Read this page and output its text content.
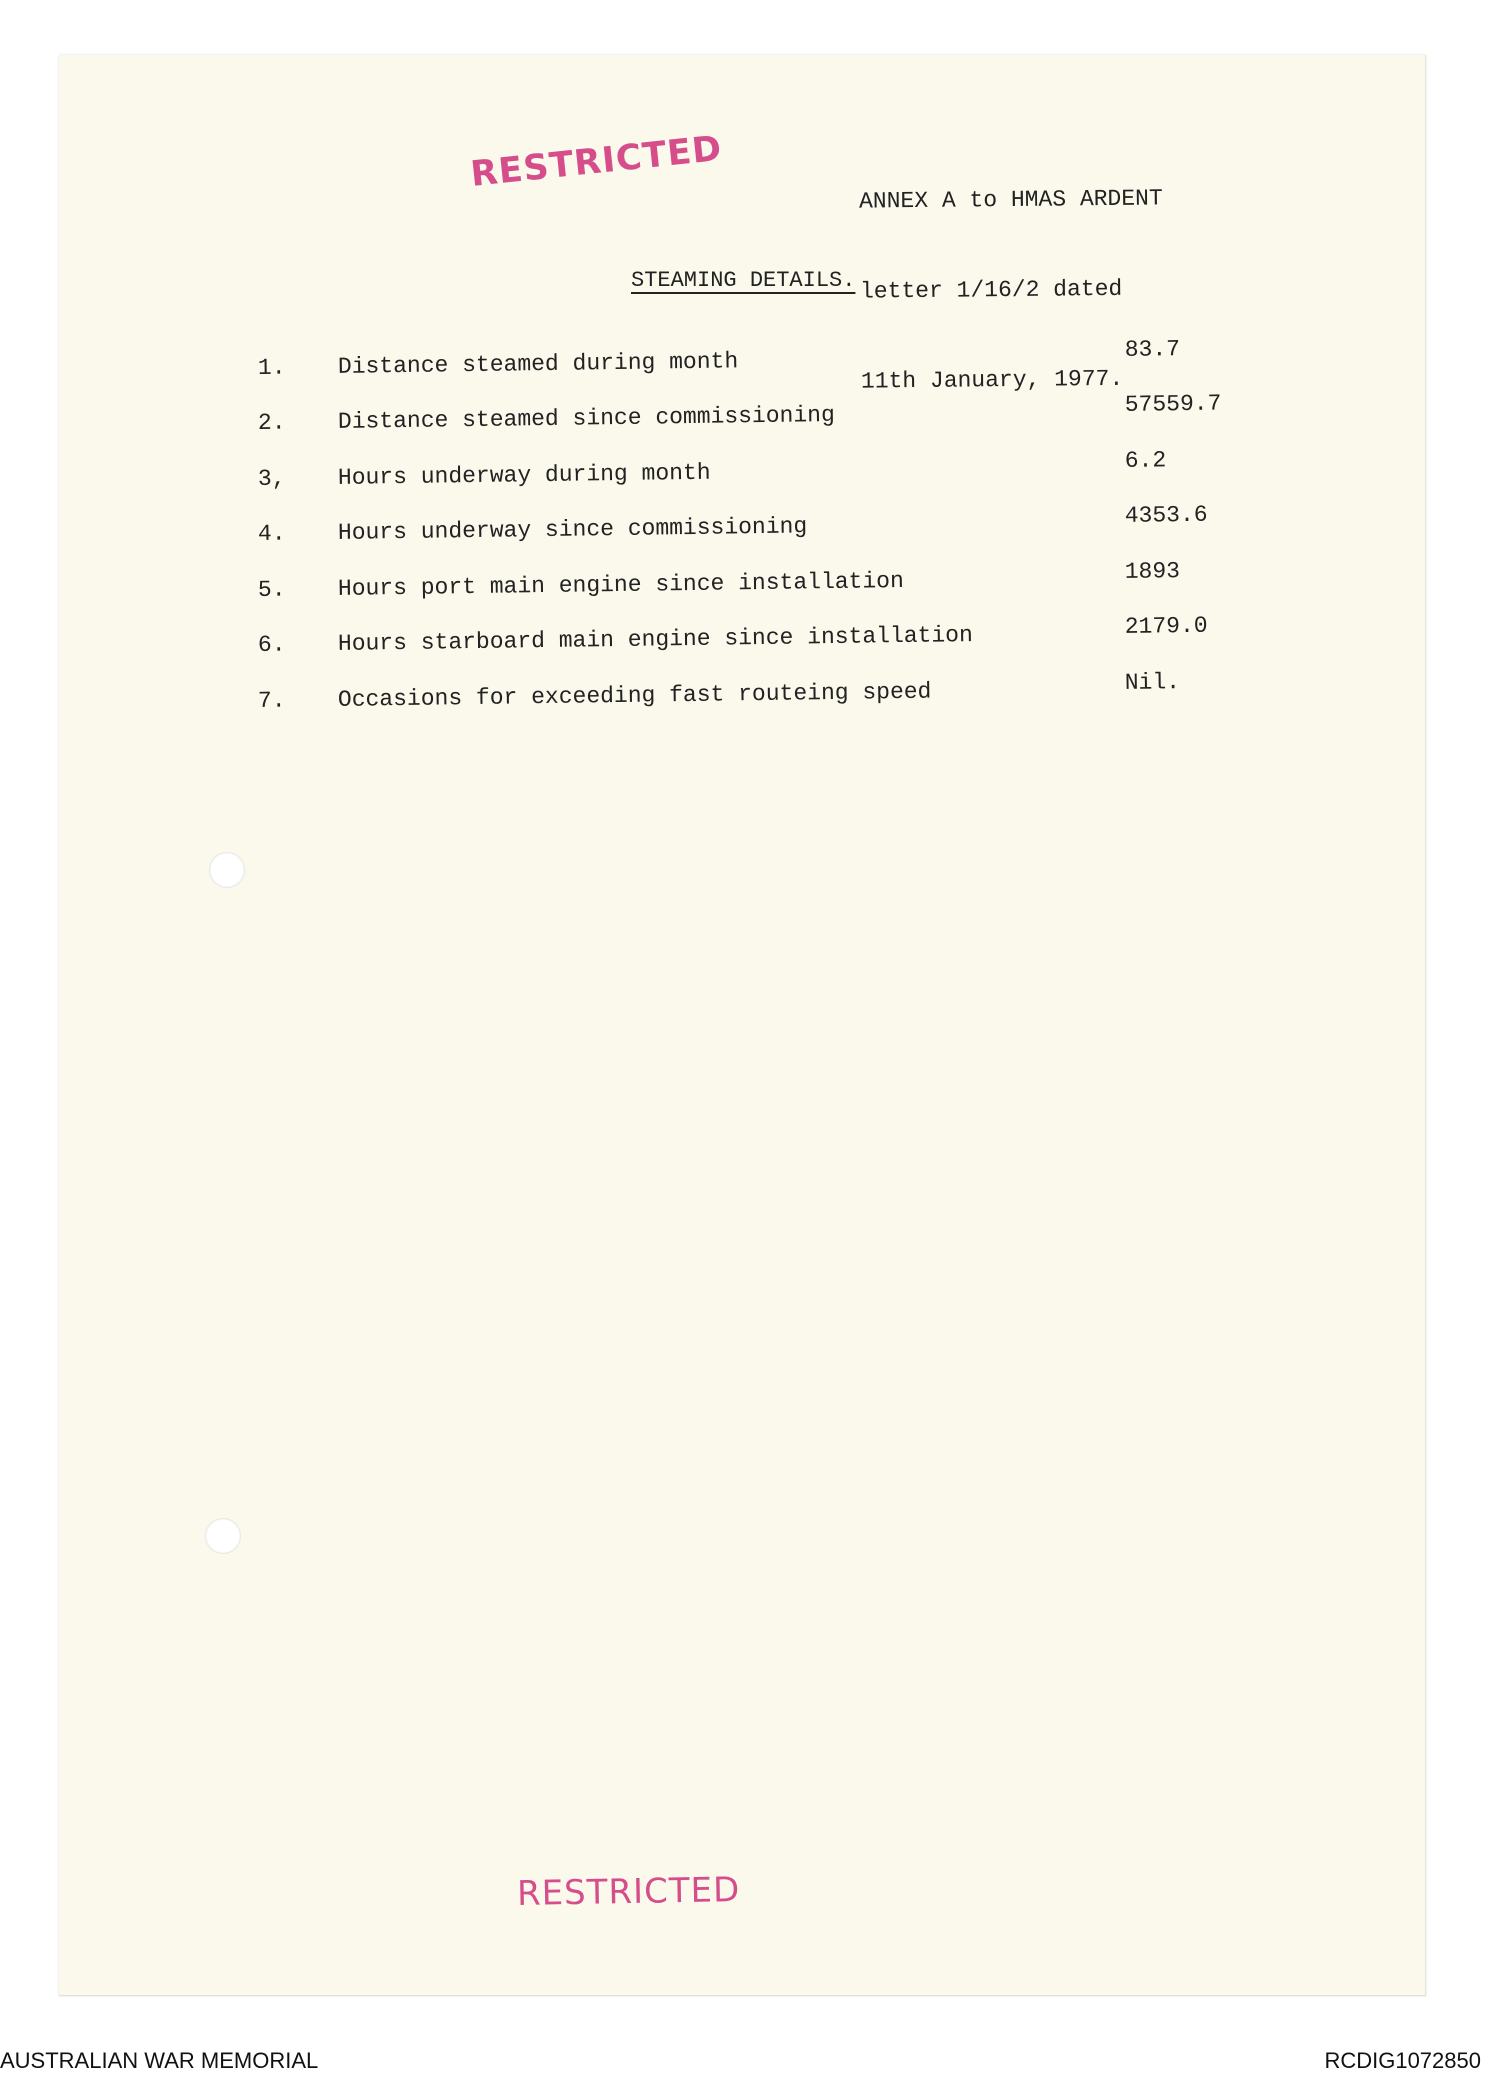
RESTRICTED

ANNEX A to HMAS ARDENT

letter 1/16/2 dated

11th January, 1977.

STEAMING DETAILS.
1. Distance steamed during month	83.7
2. Distance steamed since commissioning	57559.7
3, Hours underway during month	6.2
4. Hours underway since commissioning	4353.6
5. Hours port main engine since installation	1893
6. Hours starboard main engine since installation	2179.0
7. Occasions for exceeding fast routeing speed	Nil.
RESTRICTED
AUSTRALIAN WAR MEMORIAL	RCDIG1072850
